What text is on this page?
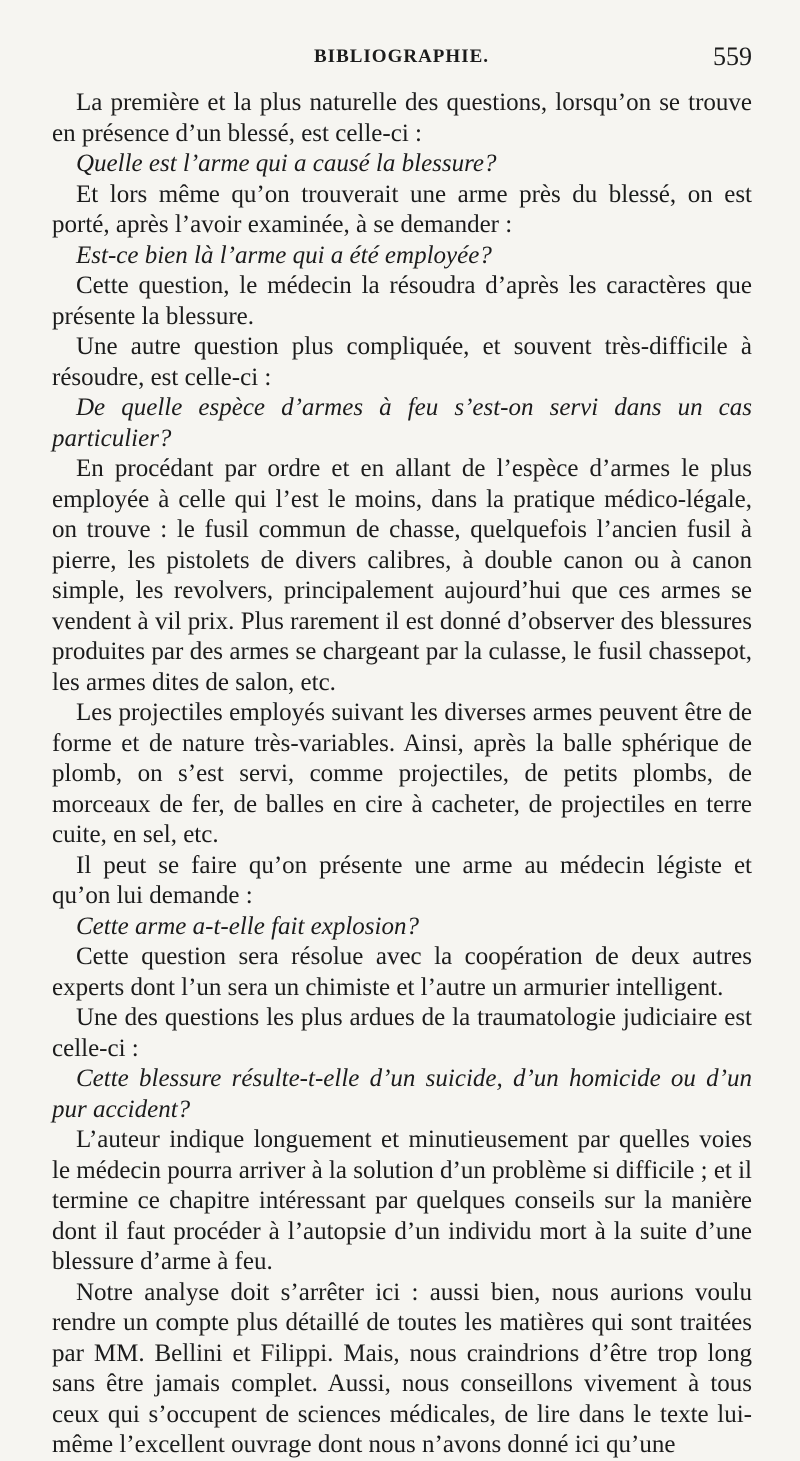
BIBLIOGRAPHIE.	559

La première et la plus naturelle des questions, lorsqu’on se trouve en présence d’un blessé, est celle-ci :

Quelle est l’arme qui a causé la blessure?

Et lors même qu’on trouverait une arme près du blessé, on est porté, après l’avoir examinée, à se demander :

Est-ce bien là l’arme qui a été employée?

Cette question, le médecin la résoudra d’après les caractères que présente la blessure.

Une autre question plus compliquée, et souvent très-difficile à résoudre, est celle-ci :

De quelle espèce d’armes à feu s’est-on servi dans un cas particulier?

En procédant par ordre et en allant de l’espèce d’armes le plus employée à celle qui l’est le moins, dans la pratique médico-légale, on trouve : le fusil commun de chasse, quelquefois l’ancien fusil à pierre, les pistolets de divers calibres, à double canon ou à canon simple, les revolvers, principalement aujourd’hui que ces armes se vendent à vil prix. Plus rarement il est donné d’observer des blessures produites par des armes se chargeant par la culasse, le fusil chassepot, les armes dites de salon, etc.

Les projectiles employés suivant les diverses armes peuvent être de forme et de nature très-variables. Ainsi, après la balle sphérique de plomb, on s’est servi, comme projectiles, de petits plombs, de morceaux de fer, de balles en cire à cacheter, de projectiles en terre cuite, en sel, etc.

Il peut se faire qu’on présente une arme au médecin légiste et qu’on lui demande :

Cette arme a-t-elle fait explosion?

Cette question sera résolue avec la coopération de deux autres experts dont l’un sera un chimiste et l’autre un armurier intelligent.

Une des questions les plus ardues de la traumatologie judiciaire est celle-ci :

Cette blessure résulte-t-elle d’un suicide, d’un homicide ou d’un pur accident?

L’auteur indique longuement et minutieusement par quelles voies le médecin pourra arriver à la solution d’un problème si difficile ; et il termine ce chapitre intéressant par quelques conseils sur la manière dont il faut procéder à l’autopsie d’un individu mort à la suite d’une blessure d’arme à feu.

Notre analyse doit s’arrêter ici : aussi bien, nous aurions voulu rendre un compte plus détaillé de toutes les matières qui sont traitées par MM. Bellini et Filippi. Mais, nous craindrions d’être trop long sans être jamais complet. Aussi, nous conseillons vivement à tous ceux qui s’occupent de sciences médicales, de lire dans le texte lui-même l’excellent ouvrage dont nous n’avons donné ici qu’une
